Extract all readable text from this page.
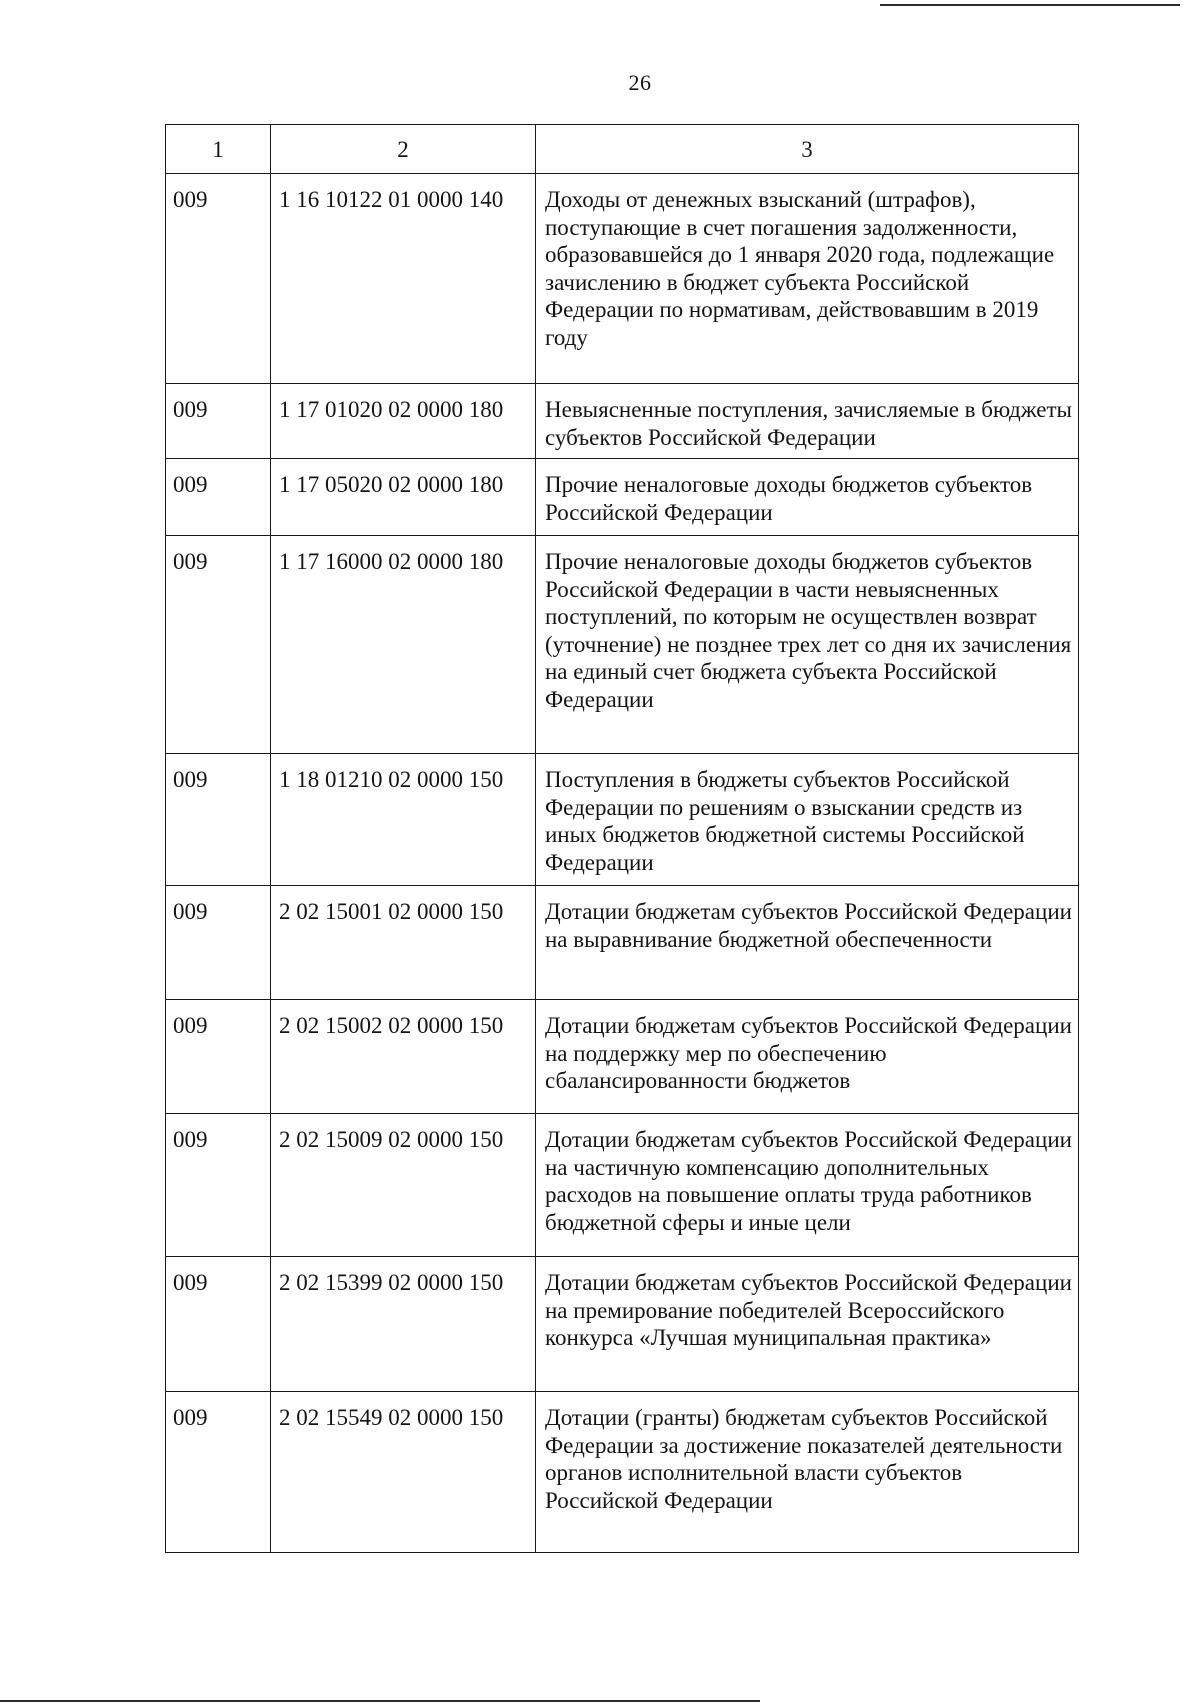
26
1	2	3
009	1 16 10122 01 0000 140	Доходы от денежных взысканий (штрафов), поступающие в счет погашения задолженности, образовавшейся до 1 января 2020 года, подлежащие зачислению в бюджет субъекта Российской Федерации по нормативам, действовавшим в 2019 году
009	1 17 01020 02 0000 180	Невыясненные поступления, зачисляемые в бюджеты субъектов Российской Федерации
009	1 17 05020 02 0000 180	Прочие неналоговые доходы бюджетов субъектов Российской Федерации
009	1 17 16000 02 0000 180	Прочие неналоговые доходы бюджетов субъектов Российской Федерации в части невыясненных поступлений, по которым не осуществлен возврат (уточнение) не позднее трех лет со дня их зачисления на единый счет бюджета субъекта Российской Федерации
009	1 18 01210 02 0000 150	Поступления в бюджеты субъектов Российской Федерации по решениям о взыскании средств из иных бюджетов бюджетной системы Российской Федерации
009	2 02 15001 02 0000 150	Дотации бюджетам субъектов Российской Федерации на выравнивание бюджетной обеспеченности
009	2 02 15002 02 0000 150	Дотации бюджетам субъектов Российской Федерации на поддержку мер по обеспечению сбалансированности бюджетов
009	2 02 15009 02 0000 150	Дотации бюджетам субъектов Российской Федерации на частичную компенсацию дополнительных расходов на повышение оплаты труда работников бюджетной сферы и иные цели
009	2 02 15399 02 0000 150	Дотации бюджетам субъектов Российской Федерации на премирование победителей Всероссийского конкурса «Лучшая муниципальная практика»
009	2 02 15549 02 0000 150	Дотации (гранты) бюджетам субъектов Российской Федерации за достижение показателей деятельности органов исполнительной власти субъектов Российской Федерации
